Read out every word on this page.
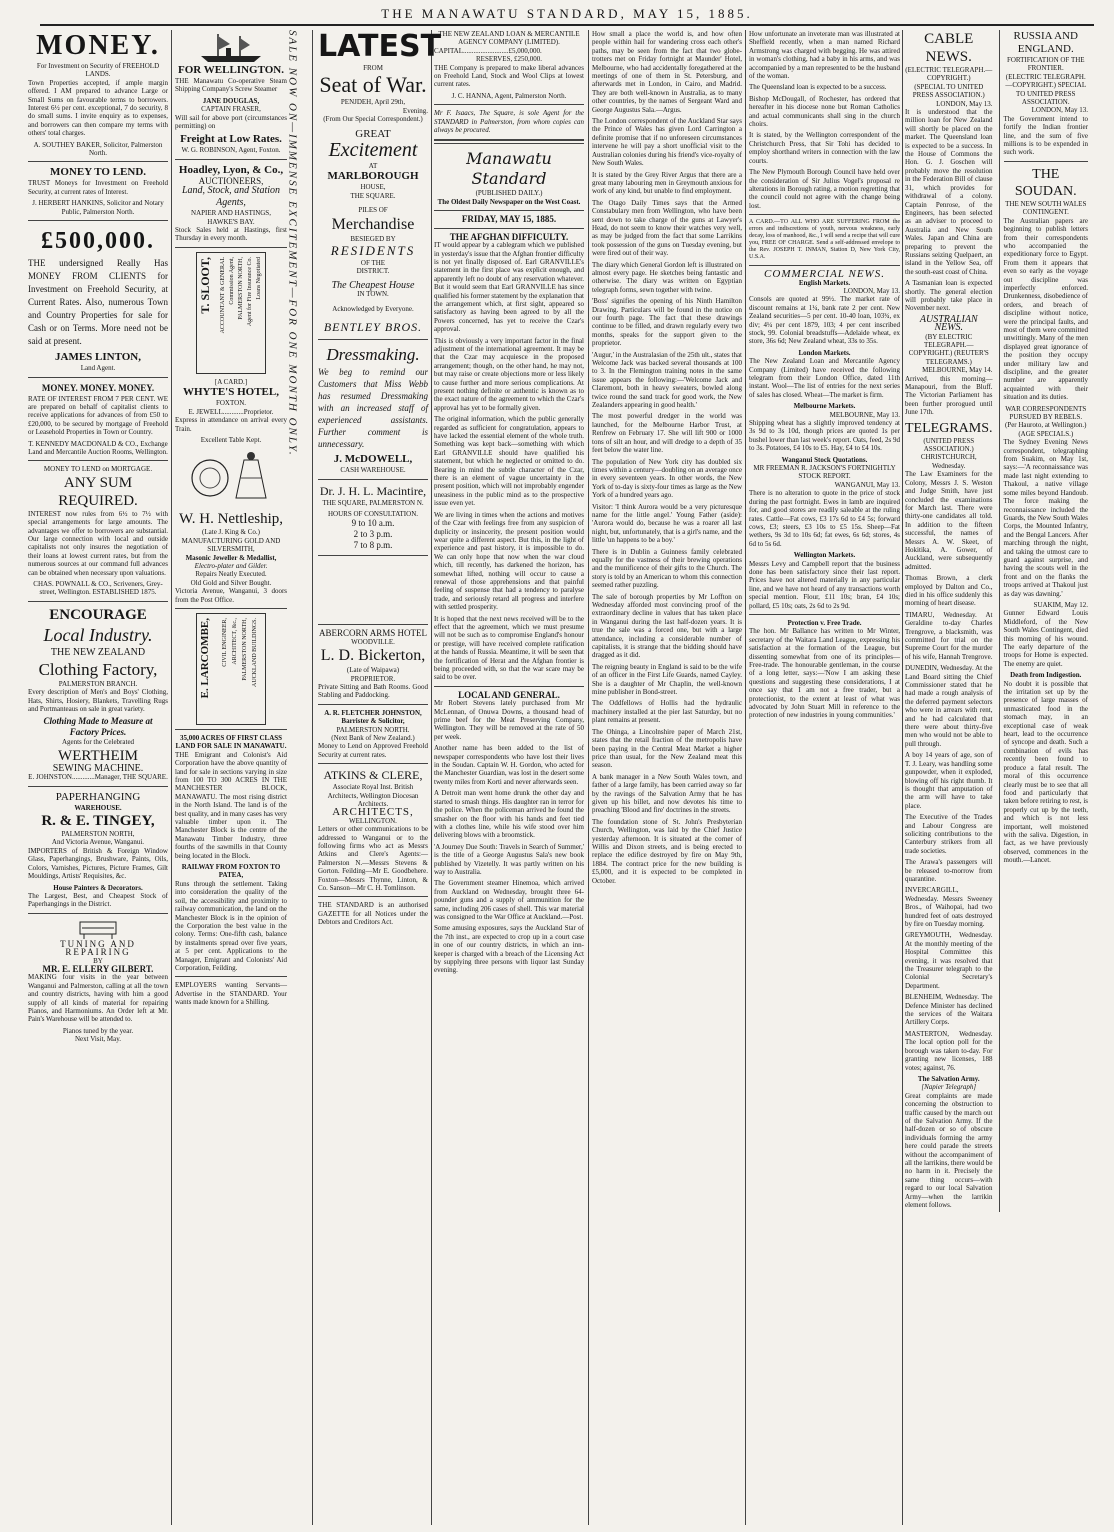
THE MANAWATU STANDARD, MAY 15, 1885.
MONEY.
For Investment on Security of FREEHOLD LANDS.

Town Properties accepted, if ample margin offered. I AM prepared to advance Large or Small Sums on favourable terms to borrowers. Interest 6½ per cent. exceptional, 7 do security, 8 do small sums. I invite enquiry as to expenses, and borrowers can then compare my terms with others' total charges.

A. SOUTHEY BAKER, Solicitor, Palmerston North.
MONEY TO LEND.

TRUST Moneys for Investment on Freehold Security, at current rates of Interest.

J. HERBERT HANKINS, Solicitor and Notary Public, Palmerston North.
£500,000.

THE undersigned Really Has MONEY FROM CLIENTS for Investment on Freehold Security, at Current Rates. Also, numerous Town and Country Properties for sale for Cash or on Terms. More need not be said at present.

JAMES LINTON,
Land Agent.
MONEY. MONEY. MONEY.

RATE OF INTEREST FROM 7 PER CENT. WE are prepared on behalf of capitalist clients to receive applications for advances of from £50 to £20,000, to be secured by mortgage of Freehold or Leasehold Properties in Town or Country.

T. KENNEDY MACDONALD & CO., Exchange Land and Mercantile Auction Rooms, Wellington.
MONEY TO LEND on MORTGAGE.
ANY SUM REQUIRED.

INTEREST now rules from 6½ to 7½ with special arrangements for large amounts. The advantages we offer to borrowers are substantial. Our large connection with local and outside capitalists not only insures the negotiation of their loans at lowest current rates, but from the numerous sources at our command full advances can be obtained when necessary upon valuations.

CHAS. POWNALL & CO., Scriveners, Grey-street, Wellington. ESTABLISHED 1875.
ENCOURAGE
Local Industry.
THE NEW ZEALAND
Clothing Factory,
PALMERSTON BRANCH.

Every description of Men's and Boys' Clothing, Hats, Shirts, Hosiery, Blankets, Travelling Rugs and Portmanteaus on sale in great variety.

Clothing Made to Measure at Factory Prices.
Agents for the Celebrated
WERTHEIM
SEWING MACHINE.
E. JOHNSTON.............Manager, THE SQUARE.
PAPERHANGING
WAREHOUSE.
R. & E. TINGEY,
PALMERSTON NORTH,
And Victoria Avenue, Wanganui.

IMPORTERS of British & Foreign Window Glass, Paperhangings, Brushware, Paints, Oils, Colors, Varnishes, Pictures, Picture Frames, Gilt Mouldings, Artists' Requisites, &c.

House Painters & Decorators.

The Largest, Best, and Cheapest Stock of Paperhangings in the District.

TUNING AND REPAIRING
BY
MR. E. ELLERY GILBERT.

MAKING four visits in the year between Wanganui and Palmerston, calling at all the town and country districts, having with him a good supply of all kinds of material for repairing Pianos, and Harmoniums. An Order left at Mr. Pain's Warehouse will be attended to.

Pianos tuned by the year.
Next Visit, May.
FOR WELLINGTON.

THE Manawatu Co-operative Steam Shipping Company's Screw Steamer

JANE DOUGLAS,
CAPTAIN FRASER,

Will sail for above port (circumstances permitting) on

Freight at Low Rates.
W. G. ROBINSON, Agent, Foxton.
Hoadley, Lyon, & Co.,
AUCTIONEERS,
Land, Stock, and Station
Agents,
NAPIER AND HASTINGS, HAWKE'S BAY.

Stock Sales held at Hastings, first Thursday in every month.

T. SLOOT, ACCOUNTANT & GENERAL Commission Agent, PALMERSTON NORTH, Agent for Fire Insurance Co. Loans Negotiated
[A CARD.]
WHYTE'S HOTEL,
FOXTON.
E. JEWELL............Proprietor.

Express in attendance on arrival every Train.

Excellent Table Kept.
W. H. Nettleship,
(Late J. King & Co.)
MANUFACTURING GOLD AND SILVERSMITH,
Masonic Jeweller & Medallist,
Electro-plater and Gilder.
Repairs Neatly Executed.
Old Gold and Silver Bought.

Victoria Avenue, Wanganui, 3 doors from the Post Office.

E. LARCOMBE, CIVIL ENGINEER, ARCHITECT, &c., PALMERSTON NORTH, AUCKLAND BUILDINGS.
35,000 ACRES OF FIRST CLASS LAND FOR SALE IN MANAWATU.

THE Emigrant and Colonist's Aid Corporation have the above quantity of land for sale in sections varying in size from 100 TO 300 ACRES IN THE MANCHESTER BLOCK, MANAWATU. The most rising district in the North Island. The land is of the best quality, and in many cases has very valuable timber upon it. The Manchester Block is the centre of the Manawatu Timber Industry, three fourths of the sawmills in that County being located in the Block.

RAILWAY FROM FOXTON TO PATEA,

Runs through the settlement. Taking into consideration the quality of the soil, the accessibility and proximity to railway communication, the land on the Manchester Block is in the opinion of the Corporation the best value in the colony. Terms: One-fifth cash, balance by instalments spread over five years, at 5 per cent. Applications to the Manager, Emigrant and Colonists' Aid Corporation, Feilding.

EMPLOYERS wanting Servants—Advertise in the STANDARD. Your wants made known for a Shilling.

SALE NOW ON—IMMENSE EXCITEMENT—FOR ONE MONTH ONLY. LATEST
FROM
Seat of War.
PENJDEH, April 29th,
Evening.
(From Our Special Correspondent.)
GREAT
Excitement
AT
MARLBOROUGH
HOUSE,
THE SQUARE.
PILES OF
Merchandise
BESIEGED BY
RESIDENTS
OF THE
DISTRICT.
The Cheapest House
IN TOWN.
Acknowledged by Everyone.
BENTLEY BROS.
Dressmaking.

We beg to remind our Customers that Miss Webb has resumed Dressmaking with an increased staff of experienced assistants. Further comment is unnecessary.

J. McDOWELL,
CASH WAREHOUSE.
Dr. J. H. L. Macintire,
THE SQUARE, PALMERSTON N.
HOURS OF CONSULTATION.
9 to 10 a.m.
2 to 3 p.m.
7 to 8 p.m.
ABERCORN ARMS HOTEL
WOODVILLE.
L. D. Bickerton,
(Late of Waipawa)
PROPRIETOR.

Private Sitting and Bath Rooms. Good Stabling and Paddocking.

A. R. FLETCHER JOHNSTON,
Barrister & Solicitor,
PALMERSTON NORTH.
(Next Bank of New Zealand.)

Money to Lend on Approved Freehold Security at current rates.

ATKINS & CLERE,
Associate Royal Inst. British Architects, Wellington Diocesan Architects.
ARCHITECTS,
WELLINGTON.

Letters or other communications to be addressed to Wanganui or to the following firms who act as Messrs Atkins and Clere's Agents:— Palmerston N.—Messrs Stevens & Gorton. Feilding—Mr E. Goodbehere. Foxton—Messrs Thynne, Linton, & Co. Sanson—Mr C. H. Tomlinson.

THE STANDARD is an authorised GAZETTE for all Notices under the Debtors and Creditors Act.

THE NEW ZEALAND LOAN & MERCANTILE AGENCY COMPANY (LIMITED).
CAPITAL..........................£5,000,000.
RESERVES, £250,000.

THE Company is prepared to make liberal advances on Freehold Land, Stock and Wool Clips at lowest current rates.

J. C. HANNA, Agent, Palmerston North.

Mr F. Isaacs, The Square, is sole Agent for the STANDARD in Palmerston, from whom copies can always be procured.

Manawatu Standard
(PUBLISHED DAILY.)
The Oldest Daily Newspaper on the West Coast.
FRIDAY, MAY 15, 1885.
THE AFGHAN DIFFICULTY.

IT would appear by a cablegram which we published in yesterday's issue that the Afghan frontier difficulty is not yet finally disposed of. Earl GRANVILLE's statement in the first place was explicit enough, and apparently left no doubt of any reservation whatever. But it would seem that Earl GRANVILLE has since qualified his former statement by the explanation that the arrangement which, at first sight, appeared so satisfactory as having been agreed to by all the Powers concerned, has yet to receive the Czar's approval.

This is obviously a very important factor in the final adjustment of the international agreement. It may be that the Czar may acquiesce in the proposed arrangement; though, on the other hand, he may not, but may raise or create objections more or less likely to cause further and more serious complications. At present nothing definite or authentic is known as to the exact nature of the agreement to which the Czar's approval has yet to be formally given.

The original information, which the public generally regarded as sufficient for congratulation, appears to have lacked the essential element of the whole truth. Something was kept back—something with which Earl GRANVILLE should have qualified his statement, but which he neglected or omitted to do. Bearing in mind the subtle character of the Czar, there is an element of vague uncertainty in the present position, which will not improbably engender uneasiness in the public mind as to the prospective issue even yet.

We are living in times when the actions and motives of the Czar with feelings free from any suspicion of duplicity or insincerity, the present position would wear quite a different aspect. But this, in the light of experience and past history, it is impossible to do. We can only hope that now when the war cloud which, till recently, has darkened the horizon, has somewhat lifted, nothing will occur to cause a renewal of those apprehensions and that painful feeling of suspense that had a tendency to paralyse trade, and seriously retard all progress and interfere with settled prosperity.

It is hoped that the next news received will be to the effect that the agreement, which we must presume will not be such as to compromise England's honour or prestige, will have received complete ratification at the hands of Russia. Meantime, it will be seen that the fortification of Herat and the Afghan frontier is being proceeded with, so that the war scare may be said to be over.

LOCAL AND GENERAL.

Mr Robert Stevens lately purchased from Mr McLennan, of Onuwa Downs, a thousand head of prime beef for the Meat Preserving Company, Wellington. They will be removed at the rate of 50 per week.

Another name has been added to the list of newspaper correspondents who have lost their lives in the Soudan. Captain W. H. Gordon, who acted for the Manchester Guardian, was lost in the desert some twenty miles from Korti and never afterwards seen.

A Detroit man went home drunk the other day and started to smash things. His daughter ran in terror for the police. When the policeman arrived he found the smasher on the floor with his hands and feet tied with a clothes line, while his wife stood over him delivering blows with a broomstick.

'A Journey Due South: Travels in Search of Summer,' is the title of a George Augustus Sala's new book published by Vizetelly. It was partly written on his way to Australia.

The Government steamer Hinemoa, which arrived from Auckland on Wednesday, brought three 64-pounder guns and a supply of ammunition for the same, including 206 cases of shell. This war material was consigned to the War Office at Auckland.—Post.

Some amusing exposures, says the Auckland Star of the 7th inst., are expected to crop up in a court case in one of our country districts, in which an inn-keeper is charged with a breach of the Licensing Act by supplying three persons with liquor last Sunday evening.

How small a place the world is, and how often people within hail for wandering cross each other's paths, may be seen from the fact that two globe-trotters met on Friday fortnight at Maunder' Hotel, Melbourne, who had accidentally foregathered at the meetings of one of them in St. Petersburg, and afterwards met in London, in Cairo, and Madrid. They are both well-known in Australia, as to many other countries, by the names of Sergeant Ward and George Augustus Sala.—Argus.

The London correspondent of the Auckland Star says the Prince of Wales has given Lord Carrington a definite promise that if no unforeseen circumstances intervene he will pay a short unofficial visit to the Australian colonies during his friend's vice-royalty of New South Wales.

It is stated by the Grey River Argus that there are a great many labouring men in Greymouth anxious for work of any kind, but unable to find employment.

The Otago Daily Times says that the Armed Constabulary men from Wellington, who have been sent down to take charge of the guns at Lawyer's Head, do not seem to know their watches very well, as may be judged from the fact that some Larrikins took possession of the guns on Tuesday evening, but were fired out of their way.

The diary which General Gordon left is illustrated on almost every page. He sketches being fantastic and otherwise. The diary was written on Egyptian telegraph forms, sewn together with twine.

'Boss' signifies the opening of his Ninth Hamilton Drawing. Particulars will be found in the notice on our fourth page. The fact that these drawings continue to be filled, and drawn regularly every two months, speaks for the support given to the proprietor.

'Augur,' in the Australasian of the 25th ult., states that Welcome Jack was backed several thousands at 100 to 3. In the Flemington training notes in the same issue appears the following:—'Welcome Jack and Claremont, both in heavy sweaters, bowled along twice round the sand track for good work, the New Zealanders appearing in good health.'

The most powerful dredger in the world was launched, for the Melbourne Harbor Trust, at Renfrew on February 17. She will lift 900 or 1000 tons of silt an hour, and will dredge to a depth of 35 feet below the water line.

The population of New York city has doubled six times within a century—doubling on an average once in every seventeen years. In other words, the New York of to-day is sixty-four times as large as the New York of a hundred years ago.

Visitor: 'I think Aurora would be a very picturesque name for the little angel.' Young Father (aside): 'Aurora would do, because he was a roarer all last night, but, unfortunately, that is a girl's name, and the little 'un happens to be a boy.'

There is in Dublin a Guinness family celebrated equally for the vastness of their brewing operations and the munificence of their gifts to the Church. The story is told by an American to whom this connection seemed rather puzzling.

The sale of borough properties by Mr Loffton on Wednesday afforded most convincing proof of the extraordinary decline in values that has taken place in Wanganui during the last half-dozen years. It is true the sale was a forced one, but with a large attendance, including a considerable number of capitalists, it is strange that the bidding should have dragged as it did.

The reigning beauty in England is said to be the wife of an officer in the First Life Guards, named Cayley. She is a daughter of Mr Chaplin, the well-known mine publisher in Bond-street.

The Oddfellows of Hollis had the hydraulic machinery installed at the pier last Saturday, but no plant remains at present.

The Ohinga, a Lincolnshire paper of March 21st, states that the retail fraction of the metropolis have been paying in the Central Meat Market a higher price than usual, for the New Zealand meat this season.

A bank manager in a New South Wales town, and father of a large family, has been carried away so far by the ravings of the Salvation Army that he has given up his billet, and now devotes his time to preaching 'Blood and fire' doctrines in the streets.

The foundation stone of St. John's Presbyterian Church, Wellington, was laid by the Chief Justice yesterday afternoon. It is situated at the corner of Willis and Dixon streets, and is being erected to replace the edifice destroyed by fire on May 9th, 1884. The contract price for the new building is £5,000, and it is expected to be completed in October.

How unfortunate an inveterate man was illustrated at Sheffield recently, when a man named Richard Armstrong was charged with begging. He was attired in woman's clothing, had a baby in his arms, and was accompanied by a man represented to be the husband of the woman.

The Queensland loan is expected to be a success.

Bishop McDougall, of Rochester, has ordered that hereafter in his diocese none but Roman Catholics and actual communicants shall sing in the church choirs.

It is stated, by the Wellington correspondent of the Christchurch Press, that Sir Tohi has decided to employ shorthand writers in connection with the law courts.

The New Plymouth Borough Council have held over the consideration of Sir Julius Vogel's proposal re alterations in Borough rating, a motion regretting that the council could not agree with the change being lost.

A CARD.—TO ALL WHO ARE SUFFERING FROM the errors and indiscretions of youth, nervous weakness, early decay, loss of manhood, &c., I will send a recipe that will cure you, FREE OF CHARGE. Send a self-addressed envelope to the Rev. JOSEPH T. INMAN, Station D, New York City, U.S.A.

COMMERCIAL NEWS.
English Markets.
LONDON, May 13.

Consols are quoted at 99½. The market rate of discount remains at 1¼, bank rate 2 per cent. New Zealand securities—5 per cent. 10-40 loan, 103¾, ex div; 4¼ per cent 1879, 103; 4 per cent inscribed stock, 99. Colonial breadstuffs—Adelaide wheat, ex store, 36s 6d; New Zealand wheat, 33s to 35s.

London Markets.

The New Zealand Loan and Mercantile Agency Company (Limited) have received the following telegram from their London Office, dated 11th instant. Wool—The list of entries for the next series of sales has closed. Wheat—The market is firm.

Melbourne Markets.
MELBOURNE, May 13.

Shipping wheat has a slightly improved tendency at 3s 9d to 3s 10d, though prices are quoted 1s per bushel lower than last week's report. Oats, feed, 2s 9d to 3s. Potatoes, £4 10s to £5. Hay, £4 to £4 10s.

Wanganui Stock Quotations.
MR FREEMAN R. JACKSON'S FORTNIGHTLY STOCK REPORT.
WANGANUI, May 13.

There is no alteration to quote in the price of stock during the past fortnight. Ewes in lamb are inquired for, and good stores are readily saleable at the ruling rates. Cattle—Fat cows, £3 17s 6d to £4 5s; forward cows, £3; steers, £3 10s to £5 15s. Sheep—Fat wethers, 9s 3d to 10s 6d; fat ewes, 6s 6d; stores, 4s 6d to 5s 6d.

Wellington Markets.

Messrs Levy and Campbell report that the business done has been satisfactory since their last report. Prices have not altered materially in any particular line, and we have not heard of any transactions worth special mention. Flour, £11 10s; bran, £4 10s; pollard, £5 10s; oats, 2s 6d to 2s 9d.

Protection v. Free Trade.

The hon. Mr Ballance has written to Mr Winter, secretary of the Waitara Land League, expressing his satisfaction at the formation of the League, but dissenting somewhat from one of its principles—Free-trade. The honourable gentleman, in the course of a long letter, says:—'Now I am asking these questions and suggesting these considerations, I at once say that I am not a free trader, but a protectionist, to the extent at least of what was advocated by John Stuart Mill in reference to the protection of new industries in young communities.'

CABLE NEWS.
(ELECTRIC TELEGRAPH.—COPYRIGHT.)
(SPECIAL TO UNITED PRESS ASSOCIATION.)
LONDON, May 13.

It is understood that the million loan for New Zealand will shortly be placed on the market. The Queensland loan is expected to be a success. In the House of Commons the Hon. G. J. Goschen will probably move the resolution in the Federation Bill of clause 31, which provides for withdrawal of a colony. Captain Penrose, of the Engineers, has been selected as an adviser to proceed to Australia and New South Wales. Japan and China are preparing to prevent the Russians seizing Quelpaert, an island in the Yellow Sea, off the south-east coast of China.

A Tasmanian loan is expected shortly. The general election will probably take place in November next.

AUSTRALIAN NEWS.
(BY ELECTRIC TELEGRAPH.—COPYRIGHT.) (REUTER'S TELEGRAMS.)
MELBOURNE, May 14.

Arrived, this morning—Manapouri, from the Bluff. The Victorian Parliament has been further prorogued until June 17th.

TELEGRAMS.
(UNITED PRESS ASSOCIATION.)
CHRISTCHURCH, Wednesday.

The Law Examiners for the Colony, Messrs J. S. Weston and Judge Smith, have just concluded the examinations for March last. There were thirty-one candidates all told. In addition to the fifteen successful, the names of Messrs A. W. Skeet, of Hokitika, A. Gower, of Auckland, were subsequently admitted.

Thomas Brown, a clerk employed by Dalton and Co., died in his office suddenly this morning of heart disease.

TIMARU, Wednesday. At Geraldine to-day Charles Trengrove, a blacksmith, was committed for trial on the Supreme Court for the murder of his wife, Hannah Trengrove.

DUNEDIN, Wednesday. At the Land Board sitting the Chief Commissioner stated that he had made a rough analysis of the deferred payment selectors who were in arrears with rent, and he had calculated that there were about thirty-five men who would not be able to pull through.

A boy 14 years of age, son of T. J. Leary, was handling some gunpowder, when it exploded, blowing off his right thumb. It is thought that amputation of the arm will have to take place.

The Executive of the Trades and Labour Congress are soliciting contributions to the Canterbury strikers from all trade societies.

The Arawa's passengers will be released to-morrow from quarantine.

INVERCARGILL, Wednesday. Messrs Sweeney Bros., of Waihopai, had two hundred feet of oats destroyed by fire on Tuesday morning.

GREYMOUTH, Wednesday. At the monthly meeting of the Hospital Committee this evening, it was resolved that the Treasurer telegraph to the Colonial Secretary's Department.

BLENHEIM, Wednesday. The Defence Minister has declined the services of the Waitara Artillery Corps.

MASTERTON, Wednesday. The local option poll for the borough was taken to-day. For granting new licenses, 188 votes; against, 76.

The Salvation Army.
[Napier Telegraph]

Great complaints are made concerning the obstruction to traffic caused by the march out of the Salvation Army. If the half-dozen or so of obscure individuals forming the army here could parade the streets without the accompaniment of all the larrikins, there would be no harm in it. Precisely the same thing occurs—with regard to our local Salvation Army—when the larrikin element follows.

RUSSIA AND ENGLAND.
FORTIFICATION OF THE FRONTIER.
(ELECTRIC TELEGRAPH.—COPYRIGHT.) SPECIAL TO UNITED PRESS ASSOCIATION.
LONDON, May 13.

The Government intend to fortify the Indian frontier line, and the sum of five millions is to be expended in such work.

THE SOUDAN.
THE NEW SOUTH WALES CONTINGENT.

The Australian papers are beginning to publish letters from their correspondents who accompanied the expeditionary force to Egypt. From them it appears that even so early as the voyage out discipline was imperfectly enforced. Drunkenness, disobedience of orders, and breach of discipline without notice, were the principal faults, and most of them were committed unwittingly. Many of the men displayed great ignorance of the position they occupy under military law and discipline, and the greater number are apparently acquainted with their situation and its duties.

WAR CORRESPONDENTS PURSUED BY REBELS.
(Per Hauroto, at Wellington.) (AGE SPECIALS.)

The Sydney Evening News correspondent, telegraphing from Suakim, on May 1st, says:—'A reconnaissance was made last night extending to Thakoul, a native village some miles beyond Handoub. The force making the reconnaissance included the Guards, the New South Wales Corps, the Mounted Infantry, and the Bengal Lancers. After marching through the night, and taking the utmost care to guard against surprise, and having the scouts well in the front and on the flanks the troops arrived at Thakoul just as day was dawning.'

SUAKIM, May 12.

Gunner Edward Louis Middleford, of the New South Wales Contingent, died this morning of his wound. The early departure of the troops for Home is expected. The enemy are quiet.

Death from Indigestion.

No doubt it is possible that the irritation set up by the presence of large masses of unmasticated food in the stomach may, in an exceptional case of weak heart, lead to the occurrence of syncope and death. Such a combination of evils has recently been found to produce a fatal result. The moral of this occurrence clearly must be to see that all food and particularly that taken before retiring to rest, is properly cut up by the teeth, and which is not less important, well moistened with the saliva. Digestion, in fact, as we have previously observed, commences in the mouth.—Lancet.
